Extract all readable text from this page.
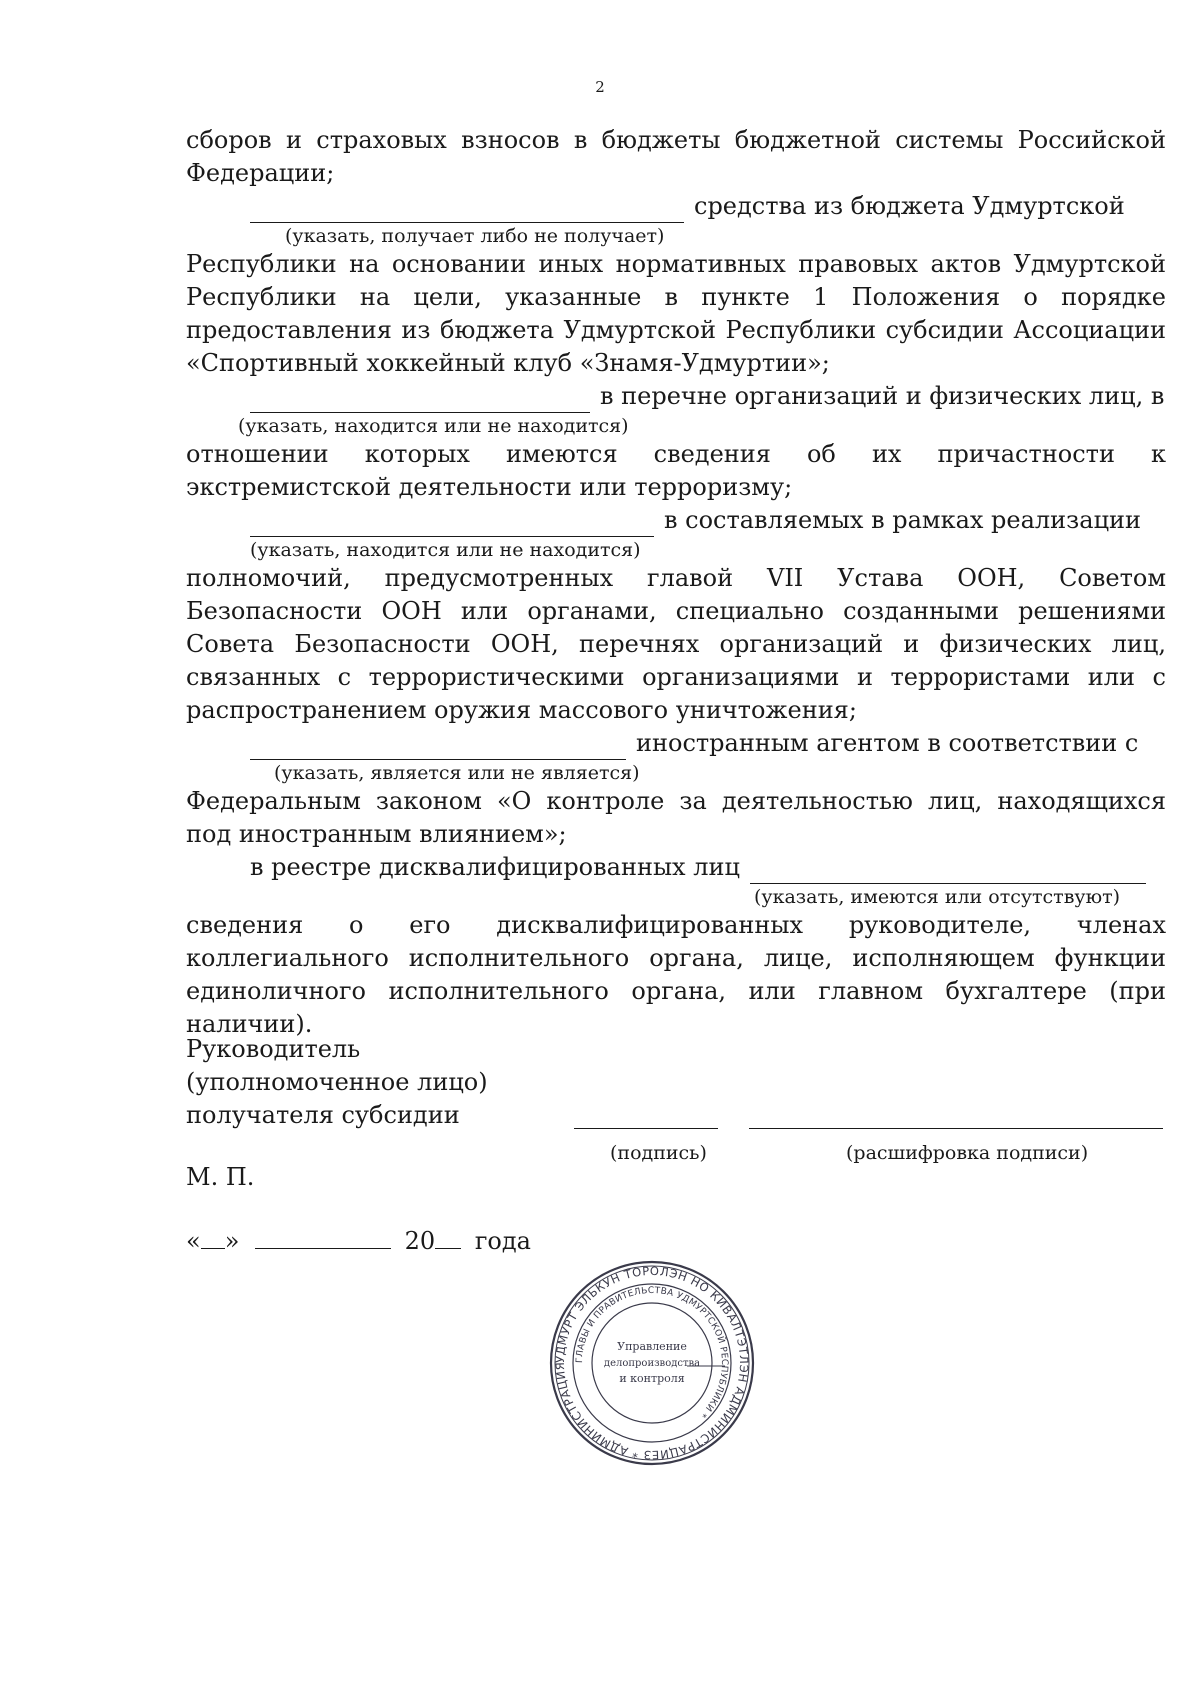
2

сборов и страховых взносов в бюджеты бюджетной системы Российской Федерации;

средства из бюджета Удмуртской
(указать, получает либо не получает)

Республики на основании иных нормативных правовых актов Удмуртской Республики на цели, указанные в пункте 1 Положения о порядке предоставления из бюджета Удмуртской Республики субсидии Ассоциации «Спортивный хоккейный клуб «Знамя-Удмуртии»;

в перечне организаций и физических лиц, в
(указать, находится или не находится)

отношении которых имеются сведения об их причастности к экстремистской деятельности или терроризму;

в составляемых в рамках реализации
(указать, находится или не находится)

полномочий, предусмотренных главой VII Устава ООН, Советом Безопасности ООН или органами, специально созданными решениями Совета Безопасности ООН, перечнях организаций и физических лиц, связанных с террористическими организациями и террористами или с распространением оружия массового уничтожения;

иностранным агентом в соответствии с
(указать, является или не является)

Федеральным законом «О контроле за деятельностью лиц, находящихся под иностранным влиянием»;

в реестре дисквалифицированных лиц
(указать, имеются или отсутствуют)

сведения о его дисквалифицированных руководителе, членах коллегиального исполнительного органа, лице, исполняющем функции единоличного исполнительного органа, или главном бухгалтере (при наличии).

Руководитель
(уполномоченное лицо)
получателя субсидии
(подпись)	(расшифровка подписи)
М. П.
« »	20 года
УДМУРТ ЭЛЬКУН ТОРОЛЭН НО КИВАЛТЭТЛЭН АДМИНИСТРАЦИЕЗ * АДМИНИСТРАЦИЯ
ГЛАВЫ И ПРАВИТЕЛЬСТВА УДМУРТСКОЙ РЕСПУБЛИКИ *
Управление
делопроизводства
и контроля
